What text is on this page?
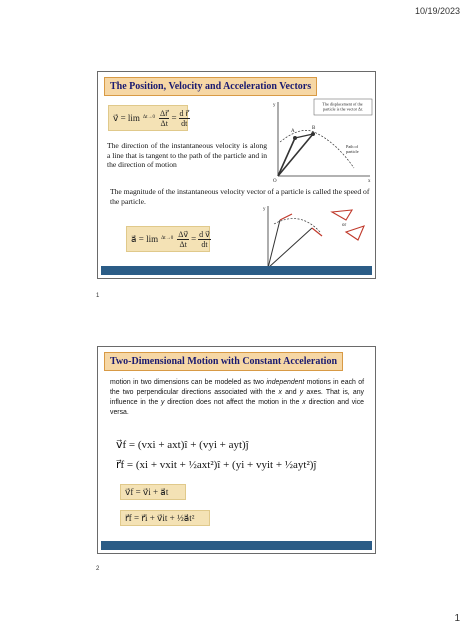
10/19/2023
The Position, Velocity and Acceleration Vectors
v⃗ = $\lim \Delta t\to 0 \frac{\Delta r⃗}{\Delta t} = \frac{\text{d r⃗}}{dt}$
The direction of the instantaneous velocity is along a line that is tangent to the path of the particle and in the direction of motion
The magnitude of the instantaneous velocity vector of a particle is called the speed of the particle.
a⃗ = $\lim \Delta t\to 0 \frac{\Delta v⃗}{\Delta t} = \frac{\text{d v⃗}}{dt}$
The displacement of the particle is the vector Δr.
y
x
O
A
B
Path of particle
y
or
1
Two-Dimensional Motion with Constant Acceleration
motion in two dimensions can be modeled as two independent motions in each of the two perpendicular directions associated with the x and y axes. That is, any influence in the y direction does not affect the motion in the x direction and vice versa.
v⃗f = (vxi + axt)î + (vyi + ayt)ĵ
r⃗f = (xi + vxit + ½axt²)î + (yi + vyit + ½ayt²)ĵ
v⃗f = v⃗i + a⃗t
r⃗f = r⃗i + v⃗it + ½a⃗t²
2
1
